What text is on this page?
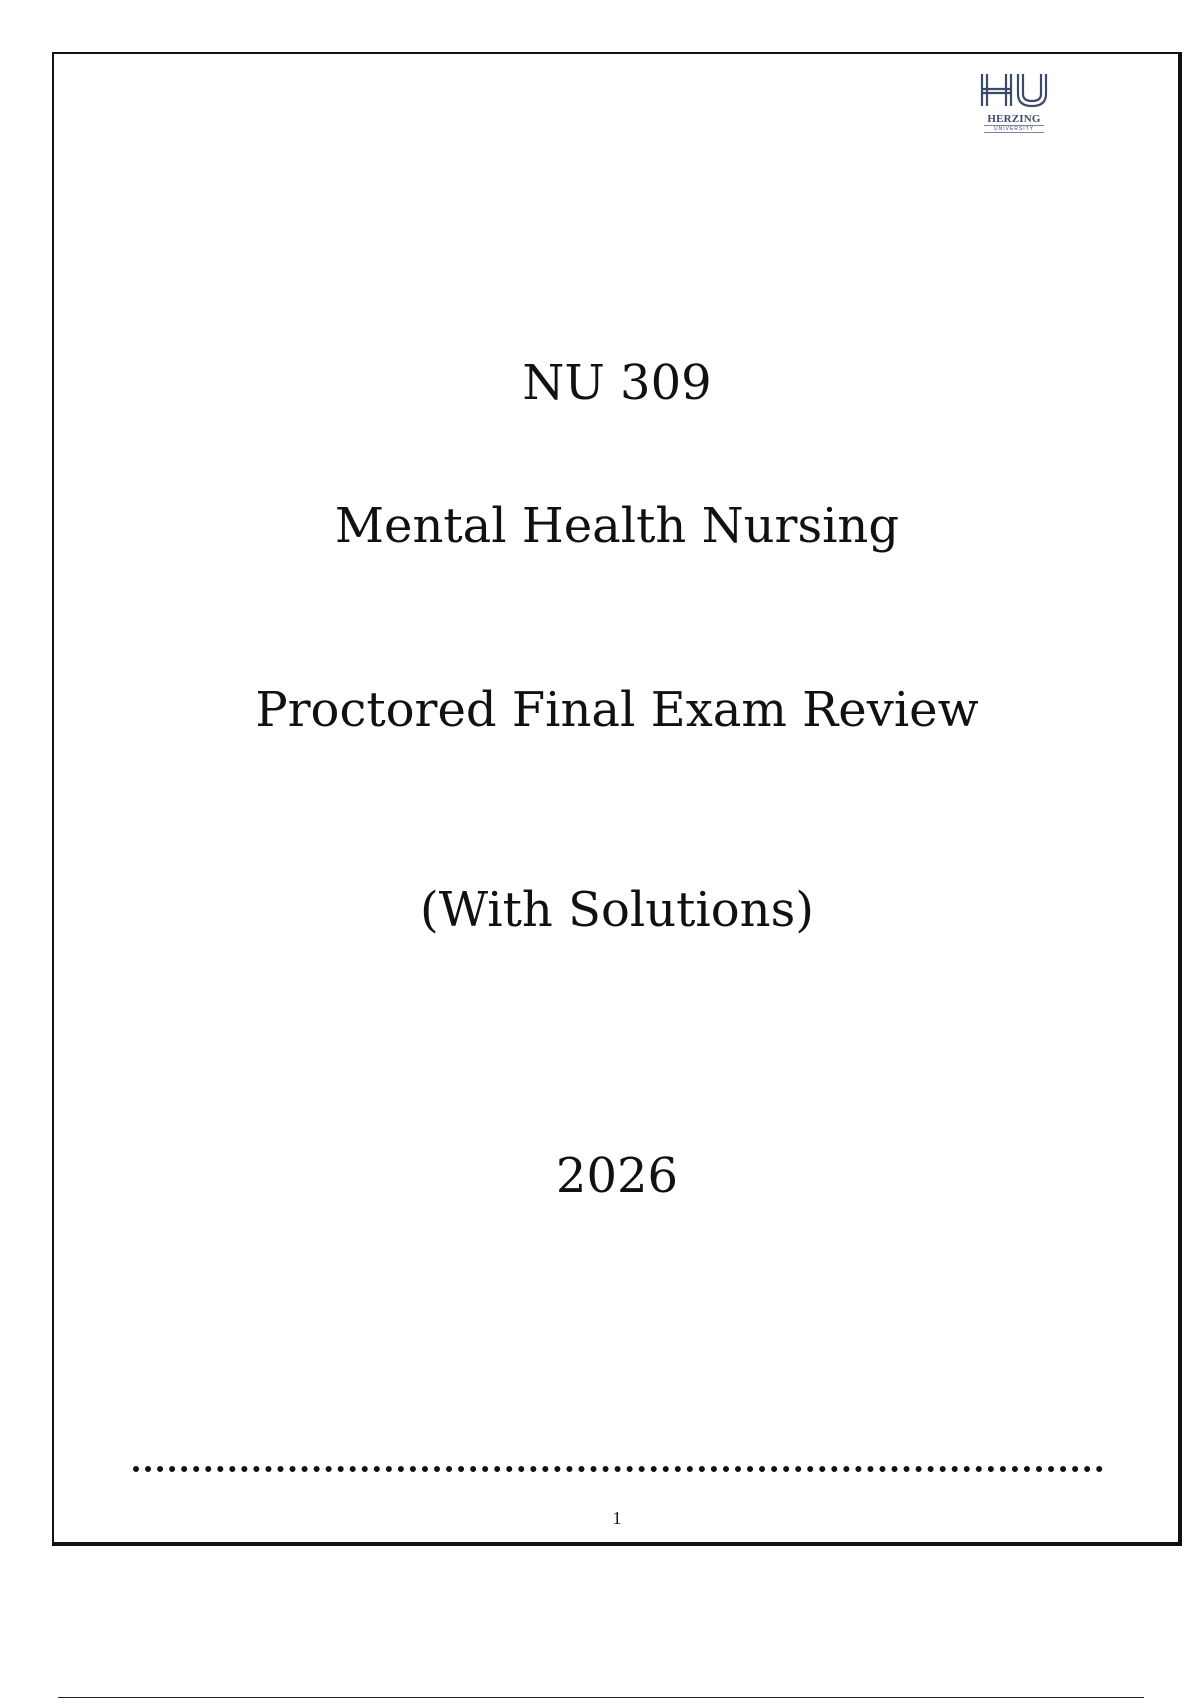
HERZING
UNIVERSITY
NU 309
Mental Health Nursing
Proctored Final Exam Review
(With Solutions)
2026
1
